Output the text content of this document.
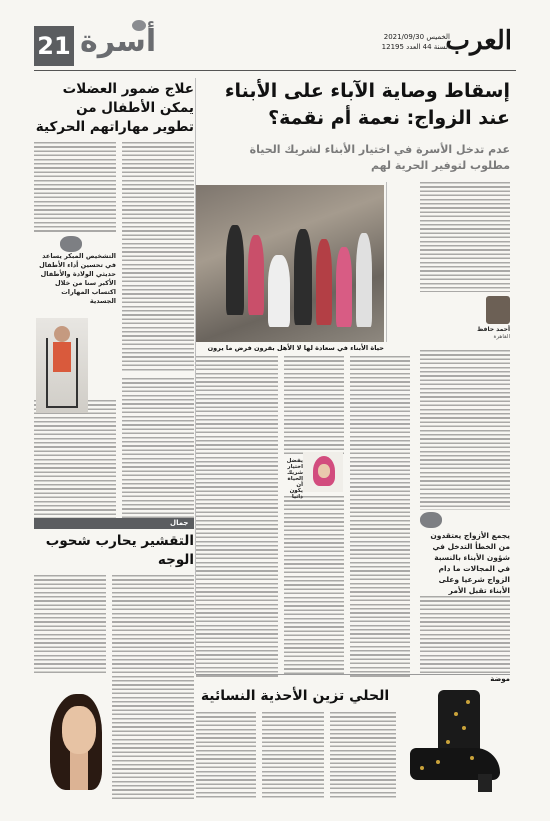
21 أسرة	العرب
الخميس 2021/09/30
السنة 44 العدد 12195
إسقاط وصاية الآباء على الأبناء عند الزواج: نعمة أم نقمة؟
عدم تدخل الأسرة في اختيار الأبناء لشريك الحياة مطلوب لتوفير الحرية لهم
أحمد حافظ
القاهرة
حياة الأبناء في سعادة لها لا الأهل بقرون فرض ما يرون
يفضل اختيار شريك الحياة أن يكون ذاتيا
يجمع الأزواج يعتقدون من الخطأ التدخل في شؤون الأبناء بالنسبة في المجالات ما دام الزواج شرعيا وعلى الأبناء تقبل الأمر
علاج ضمور العضلات يمكن الأطفال من تطوير مهاراتهم الحركية
التشخيص المبكر يساعد في تحسين أداء الأطفال حديثي الولادة والأطفال الأكبر سنا من خلال اكتساب المهارات الجسدية
جمال
التقشير يحارب شحوب الوجه
موضة
الحلي تزين الأحذية النسائية
